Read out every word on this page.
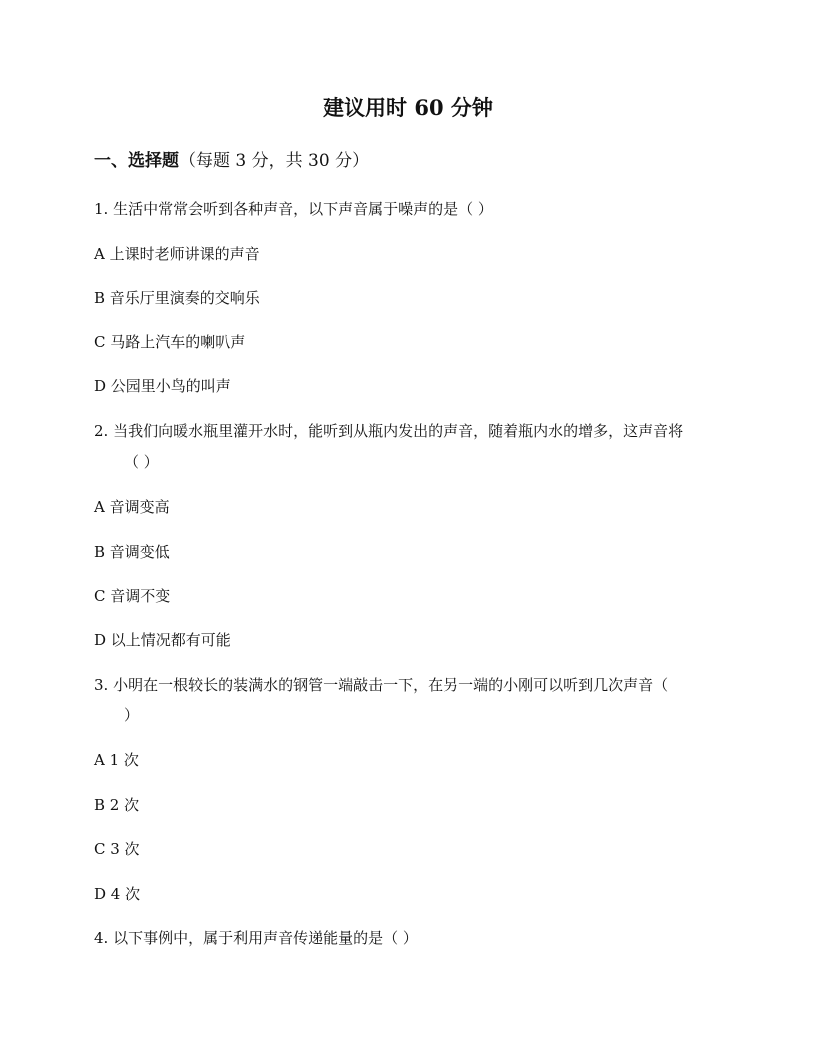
建议用时 60 分钟
一、选择题（每题 3 分，共 30 分）
1. 生活中常常会听到各种声音，以下声音属于噪声的是（ ）
A 上课时老师讲课的声音
B 音乐厅里演奏的交响乐
C 马路上汽车的喇叭声
D 公园里小鸟的叫声
2. 当我们向暖水瓶里灌开水时，能听到从瓶内发出的声音，随着瓶内水的增多，这声音将
（ ）
A 音调变高
B 音调变低
C 音调不变
D 以上情况都有可能
3. 小明在一根较长的装满水的钢管一端敲击一下，在另一端的小刚可以听到几次声音（
）
A 1 次
B 2 次
C 3 次
D 4 次
4. 以下事例中，属于利用声音传递能量的是（ ）
